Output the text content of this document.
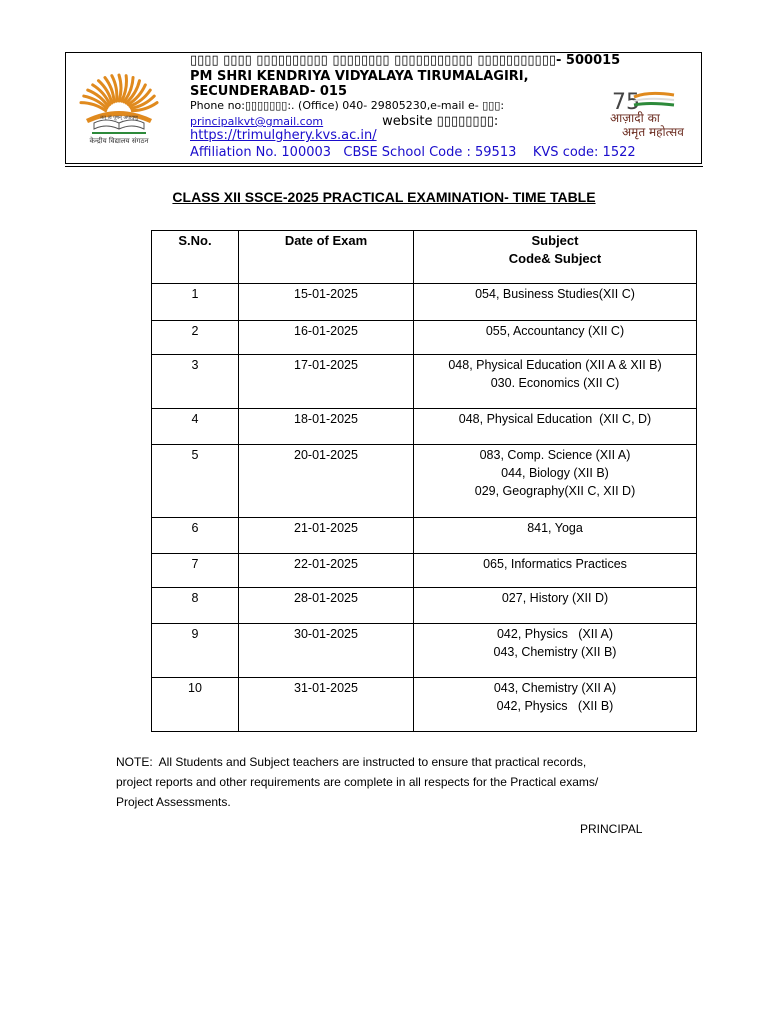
तत् त्वं पूषन् अपावृणु
केन्द्रीय विद्यालय संगठन
75
आज़ादी का
अमृत महोत्सव
▯▯▯▯ ▯▯▯▯ ▯▯▯▯▯▯▯▯▯▯ ▯▯▯▯▯▯▯▯ ▯▯▯▯▯▯▯▯▯▯▯ ▯▯▯▯▯▯▯▯▯▯▯- 500015
PM SHRI KENDRIYA VIDYALAYA TIRUMALAGIRI,
SECUNDERABAD- 015
Phone no:▯▯▯▯▯▯▯:. (Office) 040- 29805230,e-mail e- ▯▯▯:
principalkvt@gmail.com	website ▯▯▯▯▯▯▯▯:
https://trimulghery.kvs.ac.in/
Affiliation No. 100003   CBSE School Code : 59513    KVS code: 1522
CLASS XII SSCE-2025 PRACTICAL EXAMINATION- TIME TABLE
S.No.	Date of Exam	Subject
Code& Subject

1	15-01-2025	054, Business Studies(XII C)

2	16-01-2025	055, Accountancy (XII C)

3	17-01-2025	048, Physical Education (XII A & XII B)
030. Economics (XII C)

4	18-01-2025	048, Physical Education  (XII C, D)

5	20-01-2025	083, Comp. Science (XII A)
044, Biology (XII B)
029, Geography(XII C, XII D)

6	21-01-2025	841, Yoga

7	22-01-2025	065, Informatics Practices

8	28-01-2025	027, History (XII D)

9	30-01-2025	042, Physics   (XII A)
043, Chemistry (XII B)

10	31-01-2025	043, Chemistry (XII A)
042, Physics   (XII B)
NOTE:  All Students and Subject teachers are instructed to ensure that practical records,
project reports and other requirements are complete in all respects for the Practical exams/
Project Assessments.
PRINCIPAL
